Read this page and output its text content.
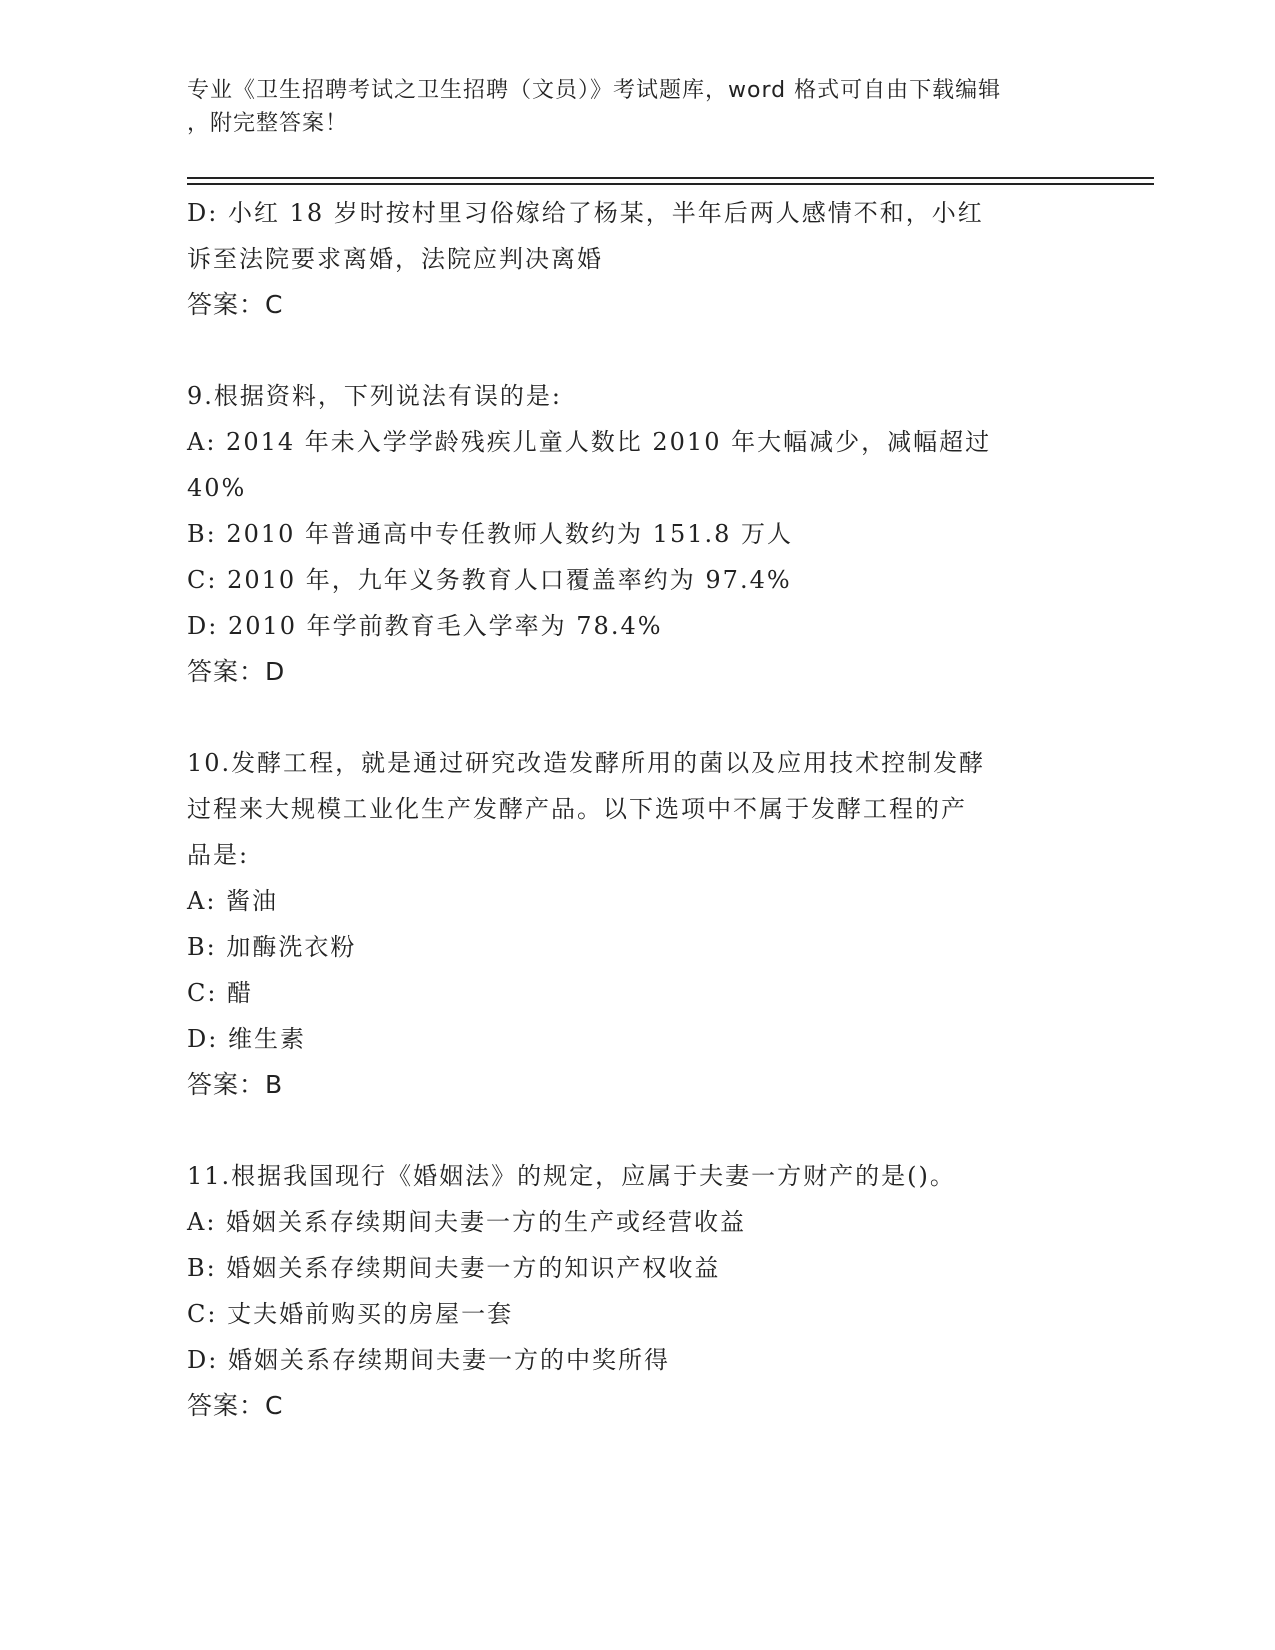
专业《卫生招聘考试之卫生招聘（文员）》考试题库，word 格式可自由下载编辑
，附完整答案！
D: 小红 18 岁时按村里习俗嫁给了杨某，半年后两人感情不和，小红
诉至法院要求离婚，法院应判决离婚
答案：C
9.根据资料，下列说法有误的是:
A: 2014 年未入学学龄残疾儿童人数比 2010 年大幅减少，减幅超过
40%
B: 2010 年普通高中专任教师人数约为 151.8 万人
C: 2010 年，九年义务教育人口覆盖率约为 97.4%
D: 2010 年学前教育毛入学率为 78.4%
答案：D
10.发酵工程，就是通过研究改造发酵所用的菌以及应用技术控制发酵
过程来大规模工业化生产发酵产品。以下选项中不属于发酵工程的产
品是:
A: 酱油
B: 加酶洗衣粉
C: 醋
D: 维生素
答案：B
11.根据我国现行《婚姻法》的规定，应属于夫妻一方财产的是()。
A: 婚姻关系存续期间夫妻一方的生产或经营收益
B: 婚姻关系存续期间夫妻一方的知识产权收益
C: 丈夫婚前购买的房屋一套
D: 婚姻关系存续期间夫妻一方的中奖所得
答案：C
